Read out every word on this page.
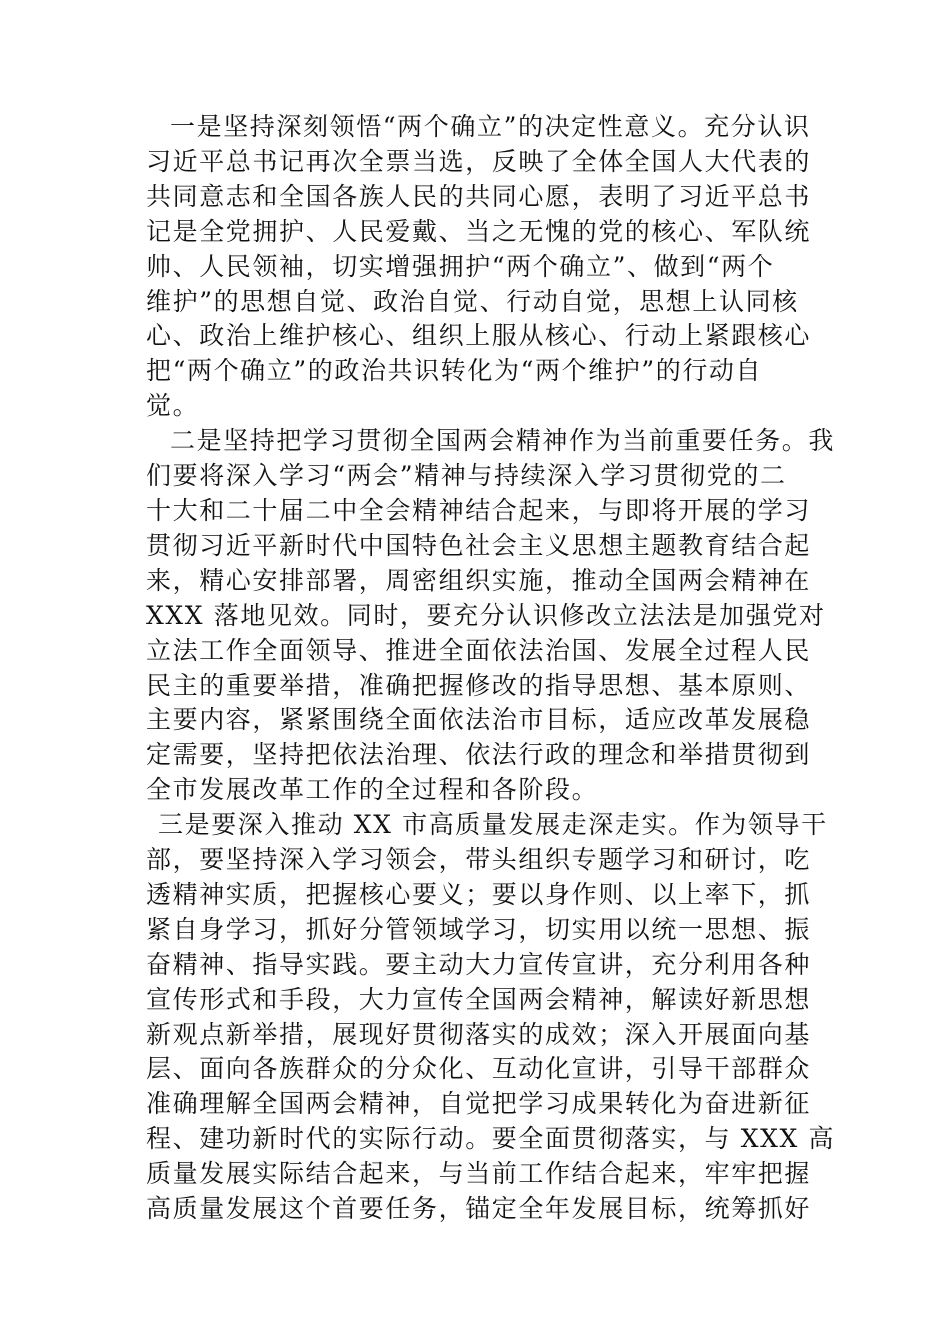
一是坚持深刻领悟“两个确立”的决定性意义。充分认识
习近平总书记再次全票当选，反映了全体全国人大代表的
共同意志和全国各族人民的共同心愿，表明了习近平总书
记是全党拥护、人民爱戴、当之无愧的党的核心、军队统
帅、人民领袖，切实增强拥护“两个确立”、做到“两个
维护”的思想自觉、政治自觉、行动自觉，思想上认同核
心、政治上维护核心、组织上服从核心、行动上紧跟核心
把“两个确立”的政治共识转化为“两个维护”的行动自
觉。

二是坚持把学习贯彻全国两会精神作为当前重要任务。我
们要将深入学习“两会”精神与持续深入学习贯彻党的二
十大和二十届二中全会精神结合起来，与即将开展的学习
贯彻习近平新时代中国特色社会主义思想主题教育结合起
来，精心安排部署，周密组织实施，推动全国两会精神在
XXX 落地见效。同时，要充分认识修改立法法是加强党对
立法工作全面领导、推进全面依法治国、发展全过程人民
民主的重要举措，准确把握修改的指导思想、基本原则、
主要内容，紧紧围绕全面依法治市目标，适应改革发展稳
定需要，坚持把依法治理、依法行政的理念和举措贯彻到
全市发展改革工作的全过程和各阶段。

三是要深入推动 XX 市高质量发展走深走实。作为领导干
部，要坚持深入学习领会，带头组织专题学习和研讨，吃
透精神实质，把握核心要义；要以身作则、以上率下，抓
紧自身学习，抓好分管领域学习，切实用以统一思想、振
奋精神、指导实践。要主动大力宣传宣讲，充分利用各种
宣传形式和手段，大力宣传全国两会精神，解读好新思想
新观点新举措，展现好贯彻落实的成效；深入开展面向基
层、面向各族群众的分众化、互动化宣讲，引导干部群众
准确理解全国两会精神，自觉把学习成果转化为奋进新征
程、建功新时代的实际行动。要全面贯彻落实，与 XXX 高
质量发展实际结合起来，与当前工作结合起来，牢牢把握
高质量发展这个首要任务，锚定全年发展目标，统筹抓好
